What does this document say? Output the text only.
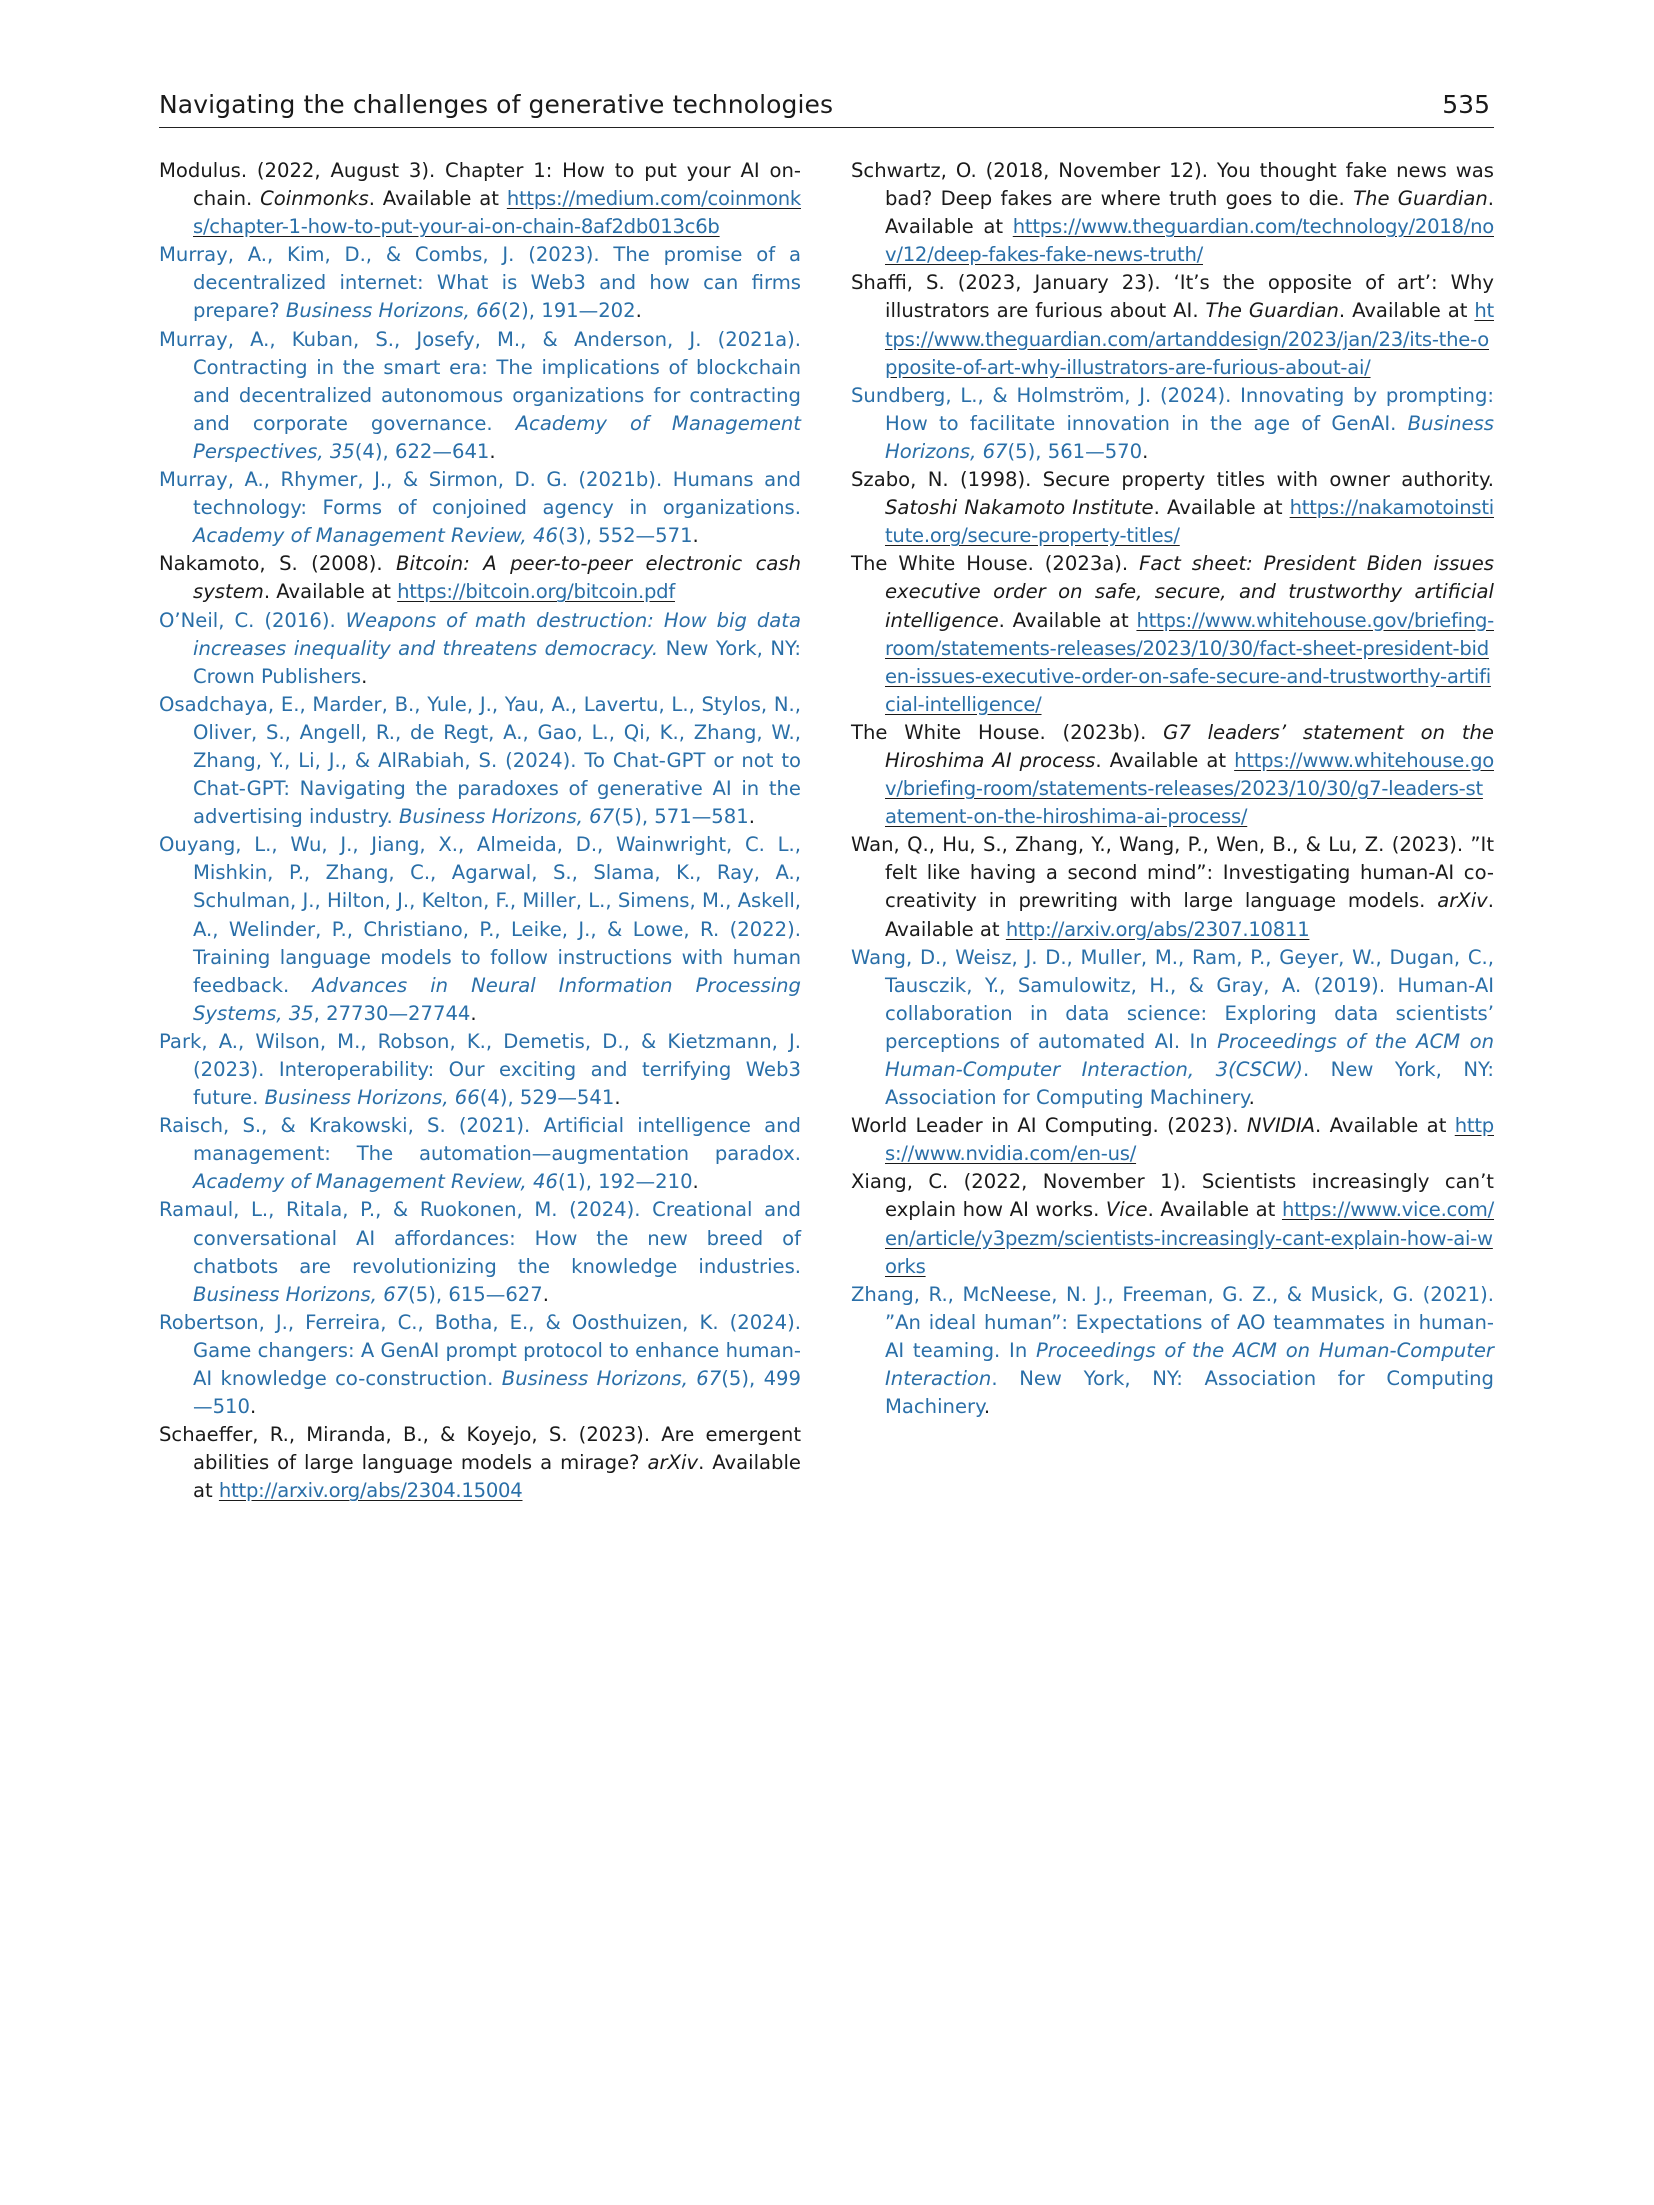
Navigating the challenges of generative technologies	535

Modulus. (2022, August 3). Chapter 1: How to put your AI on-chain. Coinmonks. Available at https://medium.com/coinmonks/chapter-1-how-to-put-your-ai-on-chain-8af2db013c6b

Murray, A., Kim, D., & Combs, J. (2023). The promise of a decentralized internet: What is Web3 and how can firms prepare? Business Horizons, 66(2), 191—202.

Murray, A., Kuban, S., Josefy, M., & Anderson, J. (2021a). Contracting in the smart era: The implications of blockchain and decentralized autonomous organizations for contracting and corporate governance. Academy of Management Perspectives, 35(4), 622—641.

Murray, A., Rhymer, J., & Sirmon, D. G. (2021b). Humans and technology: Forms of conjoined agency in organizations. Academy of Management Review, 46(3), 552—571.

Nakamoto, S. (2008). Bitcoin: A peer-to-peer electronic cash system. Available at https://bitcoin.org/bitcoin.pdf

O’Neil, C. (2016). Weapons of math destruction: How big data increases inequality and threatens democracy. New York, NY: Crown Publishers.

Osadchaya, E., Marder, B., Yule, J., Yau, A., Lavertu, L., Stylos, N., Oliver, S., Angell, R., de Regt, A., Gao, L., Qi, K., Zhang, W., Zhang, Y., Li, J., & AlRabiah, S. (2024). To Chat-GPT or not to Chat-GPT: Navigating the paradoxes of generative AI in the advertising industry. Business Horizons, 67(5), 571—581.

Ouyang, L., Wu, J., Jiang, X., Almeida, D., Wainwright, C. L., Mishkin, P., Zhang, C., Agarwal, S., Slama, K., Ray, A., Schulman, J., Hilton, J., Kelton, F., Miller, L., Simens, M., Askell, A., Welinder, P., Christiano, P., Leike, J., & Lowe, R. (2022). Training language models to follow instructions with human feedback. Advances in Neural Information Processing Systems, 35, 27730—27744.

Park, A., Wilson, M., Robson, K., Demetis, D., & Kietzmann, J. (2023). Interoperability: Our exciting and terrifying Web3 future. Business Horizons, 66(4), 529—541.

Raisch, S., & Krakowski, S. (2021). Artificial intelligence and management: The automation—augmentation paradox. Academy of Management Review, 46(1), 192—210.

Ramaul, L., Ritala, P., & Ruokonen, M. (2024). Creational and conversational AI affordances: How the new breed of chatbots are revolutionizing the knowledge industries. Business Horizons, 67(5), 615—627.

Robertson, J., Ferreira, C., Botha, E., & Oosthuizen, K. (2024). Game changers: A GenAI prompt protocol to enhance human-AI knowledge co-construction. Business Horizons, 67(5), 499—510.

Schaeffer, R., Miranda, B., & Koyejo, S. (2023). Are emergent abilities of large language models a mirage? arXiv. Available at http://arxiv.org/abs/2304.15004

Schwartz, O. (2018, November 12). You thought fake news was bad? Deep fakes are where truth goes to die. The Guardian. Available at https://www.theguardian.com/technology/2018/nov/12/deep-fakes-fake-news-truth/

Shaffi, S. (2023, January 23). ‘It’s the opposite of art’: Why illustrators are furious about AI. The Guardian. Available at https://www.theguardian.com/artanddesign/2023/jan/23/its-the-opposite-of-art-why-illustrators-are-furious-about-ai/

Sundberg, L., & Holmström, J. (2024). Innovating by prompting: How to facilitate innovation in the age of GenAI. Business Horizons, 67(5), 561—570.

Szabo, N. (1998). Secure property titles with owner authority. Satoshi Nakamoto Institute. Available at https://nakamotoinstitute.org/secure-property-titles/

The White House. (2023a). Fact sheet: President Biden issues executive order on safe, secure, and trustworthy artificial intelligence. Available at https://www.whitehouse.gov/briefing-room/statements-releases/2023/10/30/fact-sheet-president-biden-issues-executive-order-on-safe-secure-and-trustworthy-artificial-intelligence/

The White House. (2023b). G7 leaders’ statement on the Hiroshima AI process. Available at https://www.whitehouse.gov/briefing-room/statements-releases/2023/10/30/g7-leaders-statement-on-the-hiroshima-ai-process/

Wan, Q., Hu, S., Zhang, Y., Wang, P., Wen, B., & Lu, Z. (2023). ”It felt like having a second mind”: Investigating human-AI co-creativity in prewriting with large language models. arXiv. Available at http://arxiv.org/abs/2307.10811

Wang, D., Weisz, J. D., Muller, M., Ram, P., Geyer, W., Dugan, C., Tausczik, Y., Samulowitz, H., & Gray, A. (2019). Human-AI collaboration in data science: Exploring data scientists’ perceptions of automated AI. In Proceedings of the ACM on Human-Computer Interaction, 3(CSCW). New York, NY: Association for Computing Machinery.

World Leader in AI Computing. (2023). NVIDIA. Available at https://www.nvidia.com/en-us/

Xiang, C. (2022, November 1). Scientists increasingly can’t explain how AI works. Vice. Available at https://www.vice.com/en/article/y3pezm/scientists-increasingly-cant-explain-how-ai-works

Zhang, R., McNeese, N. J., Freeman, G. Z., & Musick, G. (2021). ”An ideal human”: Expectations of AO teammates in human-AI teaming. In Proceedings of the ACM on Human-Computer Interaction. New York, NY: Association for Computing Machinery.
